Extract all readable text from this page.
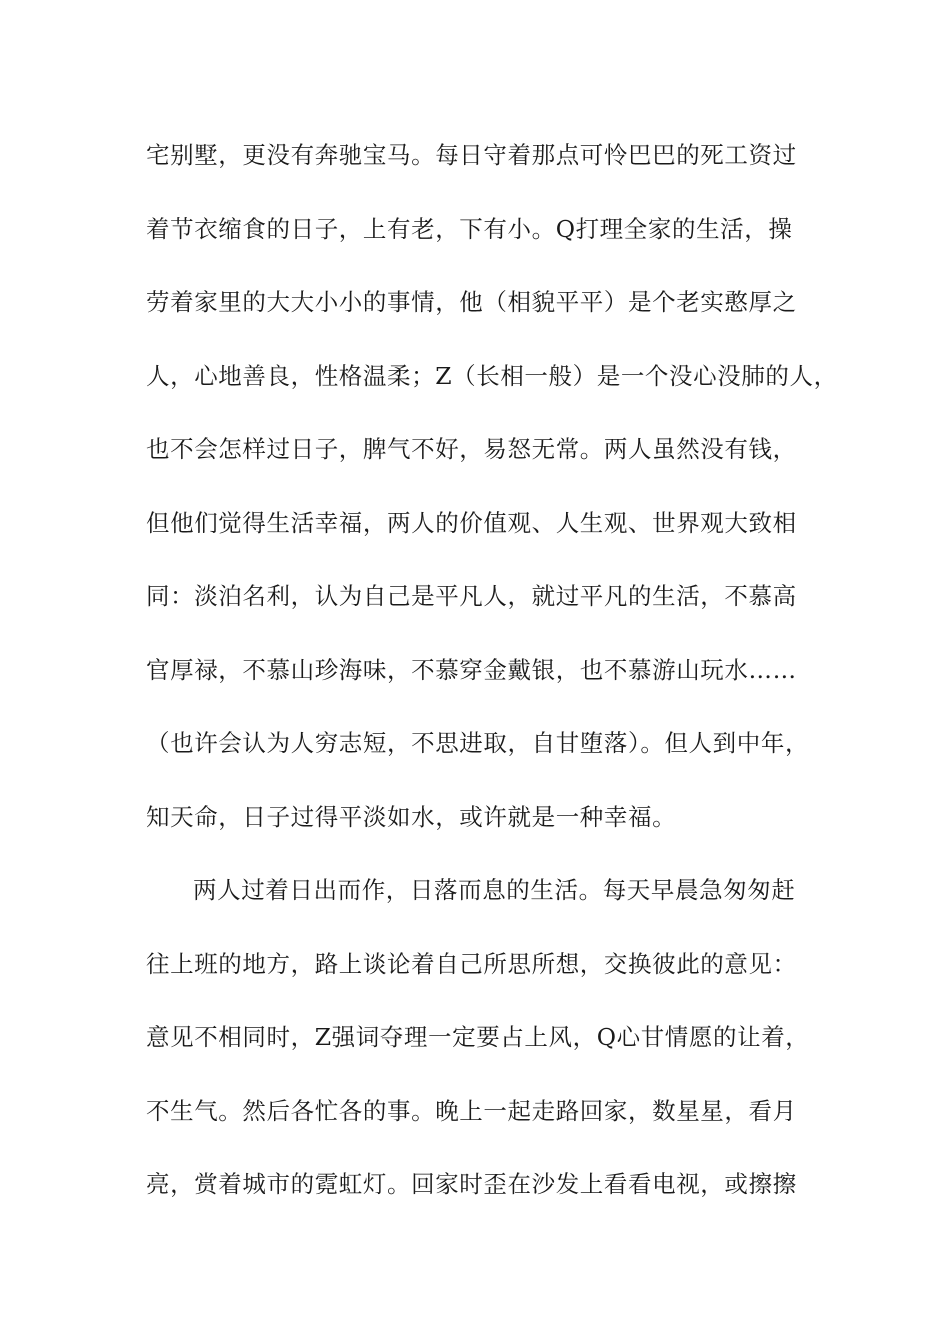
宅别墅，更没有奔驰宝马。每日守着那点可怜巴巴的死工资过
着节衣缩食的日子，上有老，下有小。Q打理全家的生活，操
劳着家里的大大小小的事情，他（相貌平平）是个老实憨厚之
人，心地善良，性格温柔；Z（长相一般）是一个没心没肺的人，
也不会怎样过日子，脾气不好，易怒无常。两人虽然没有钱，
但他们觉得生活幸福，两人的价值观、人生观、世界观大致相
同：淡泊名利，认为自己是平凡人，就过平凡的生活，不慕高
官厚禄，不慕山珍海味，不慕穿金戴银，也不慕游山玩水……
（也许会认为人穷志短，不思进取，自甘堕落）。但人到中年，
知天命，日子过得平淡如水，或许就是一种幸福。
两人过着日出而作，日落而息的生活。每天早晨急匆匆赶
往上班的地方，路上谈论着自己所思所想，交换彼此的意见：
意见不相同时，Z强词夺理一定要占上风，Q心甘情愿的让着，
不生气。然后各忙各的事。晚上一起走路回家，数星星，看月
亮，赏着城市的霓虹灯。回家时歪在沙发上看看电视，或擦擦
